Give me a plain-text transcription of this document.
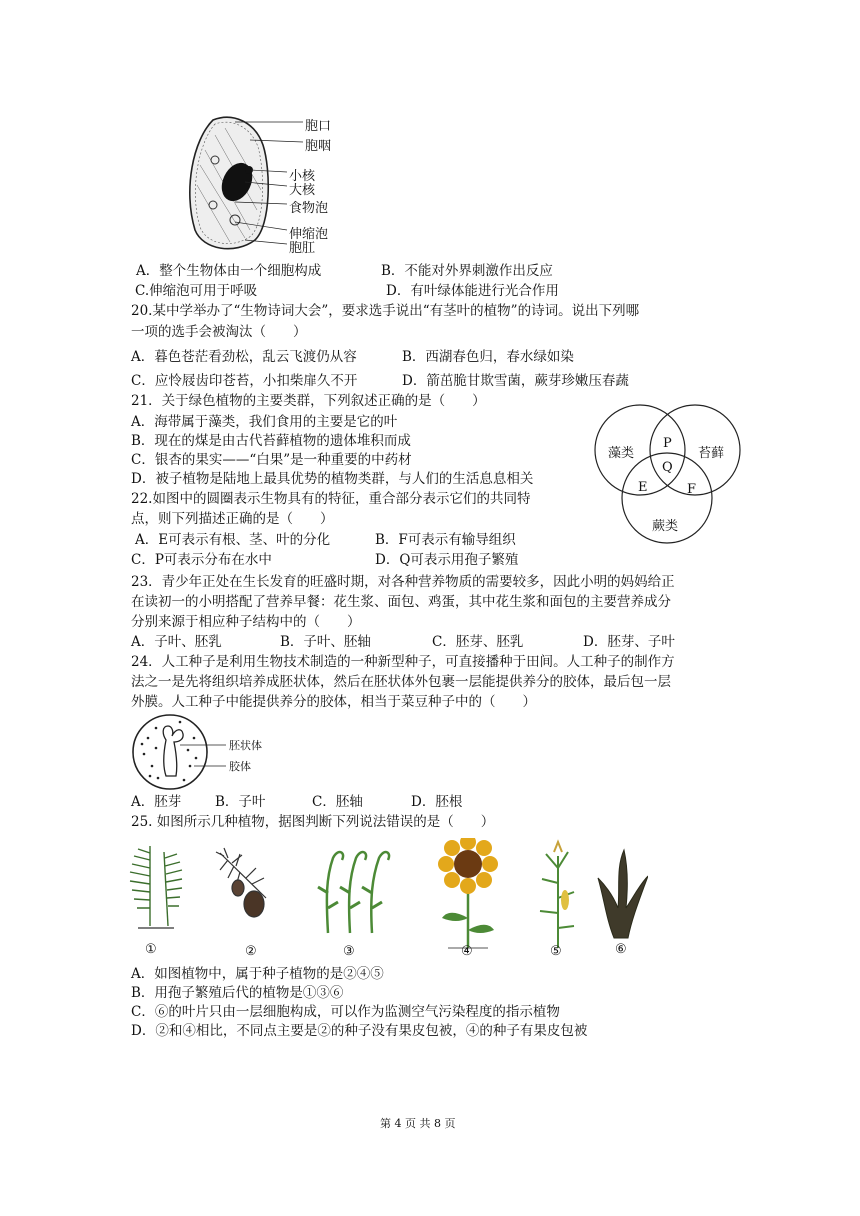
胞口
胞咽
小核
大核
食物泡
伸缩泡
胞肛
A．整个生物体由一个细胞构成	B．不能对外界刺激作出反应
C.伸缩泡可用于呼吸	D．有叶绿体能进行光合作用
20.某中学举办了“生物诗词大会”，要求选手说出“有茎叶的植物”的诗词。说出下列哪
一项的选手会被淘汰（　　）
A．暮色苍茫看劲松，乱云飞渡仍从容	B．西湖春色归，春水绿如染
C．应怜屐齿印苍苔，小扣柴扉久不开	D．箭茁脆甘欺雪菌，蕨芽珍嫩压春蔬
21．关于绿色植物的主要类群，下列叙述正确的是（　　）
A．海带属于藻类，我们食用的主要是它的叶
B．现在的煤是由古代苔藓植物的遗体堆积而成
C．银杏的果实——“白果”是一种重要的中药材
D．被子植物是陆地上最具优势的植物类群，与人们的生活息息相关
藻类	苔藓
蕨类
P
Q
E	F
22.如图中的圆圈表示生物具有的特征，重合部分表示它们的共同特
点，则下列描述正确的是（　　）
A．E可表示有根、茎、叶的分化	B．F可表示有输导组织
C．P可表示分布在水中	D．Q可表示用孢子繁殖
23．青少年正处在生长发育的旺盛时期，对各种营养物质的需要较多，因此小明的妈妈给正
在读初一的小明搭配了营养早餐：花生浆、面包、鸡蛋，其中花生浆和面包的主要营养成分
分别来源于相应种子结构中的（　　）
A．子叶、胚乳	B．子叶、胚轴	C．胚芽、胚乳	D．胚芽、子叶
24．人工种子是利用生物技术制造的一种新型种子，可直接播种于田间。人工种子的制作方
法之一是先将组织培养成胚状体，然后在胚状体外包裹一层能提供养分的胶体，最后包一层
外膜。人工种子中能提供养分的胶体，相当于菜豆种子中的（　　）
胚状体
胶体
A．胚芽	B．子叶	C．胚轴	D．胚根
25. 如图所示几种植物，据图判断下列说法错误的是（　　）
①	②	③	④	⑤	⑥
A．如图植物中，属于种子植物的是②④⑤
B．用孢子繁殖后代的植物是①③⑥
C．⑥的叶片只由一层细胞构成，可以作为监测空气污染程度的指示植物
D．②和④相比，不同点主要是②的种子没有果皮包被，④的种子有果皮包被
第 4 页 共 8 页
